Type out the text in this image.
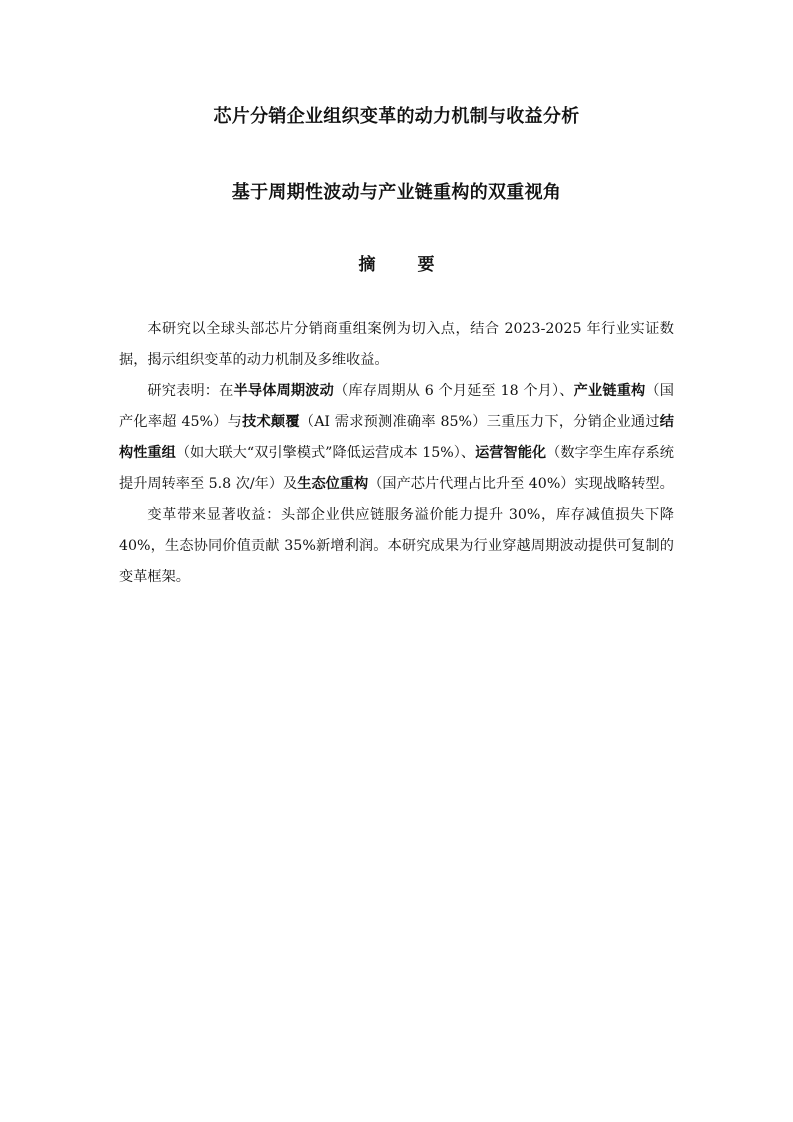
芯片分销企业组织变革的动力机制与收益分析
基于周期性波动与产业链重构的双重视角
摘 要

本研究以全球头部芯片分销商重组案例为切入点，结合 2023-2025 年行业实证数据，揭示组织变革的动力机制及多维收益。

研究表明：在半导体周期波动（库存周期从 6 个月延至 18 个月）、产业链重构（国产化率超 45%）与技术颠覆（AI 需求预测准确率 85%）三重压力下，分销企业通过结构性重组（如大联大“双引擎模式”降低运营成本 15%）、运营智能化（数字孪生库存系统提升周转率至 5.8 次/年）及生态位重构（国产芯片代理占比升至 40%）实现战略转型。

变革带来显著收益：头部企业供应链服务溢价能力提升 30%，库存减值损失下降 40%，生态协同价值贡献 35%新增利润。本研究成果为行业穿越周期波动提供可复制的变革框架。
